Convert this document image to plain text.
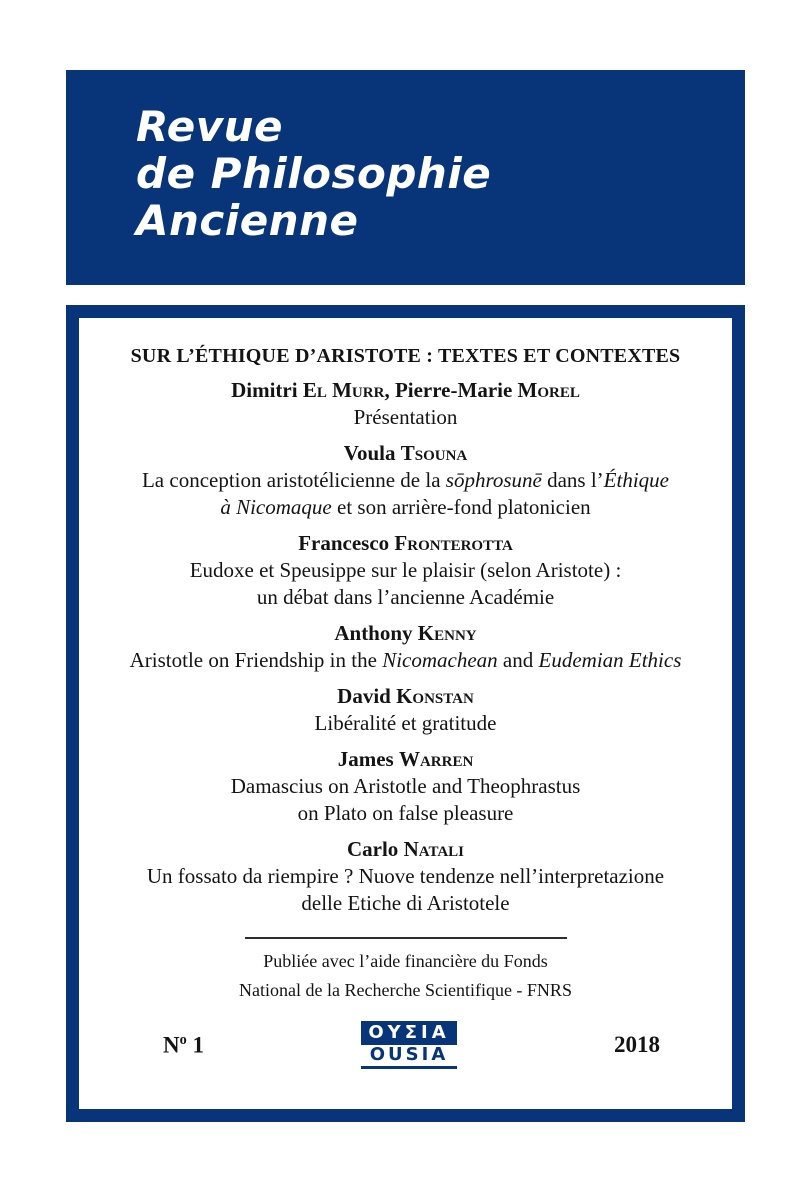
Revue
de Philosophie
Ancienne
SUR L’ÉTHIQUE D’ARISTOTE : TEXTES ET CONTEXTES
Dimitri El Murr, Pierre-Marie Morel
Présentation
Voula Tsouna
La conception aristotélicienne de la sōphrosunē dans l’Éthique
à Nicomaque et son arrière-fond platonicien
Francesco Fronterotta
Eudoxe et Speusippe sur le plaisir (selon Aristote) :
un débat dans l’ancienne Académie
Anthony Kenny
Aristotle on Friendship in the Nicomachean and Eudemian Ethics
David Konstan
Libéralité et gratitude
James Warren
Damascius on Aristotle and Theophrastus
on Plato on false pleasure
Carlo Natali
Un fossato da riempire ? Nuove tendenze nell’interpretazione
delle Etiche di Aristotele
Publiée avec l’aide financière du Fonds
National de la Recherche Scientifique - FNRS
$N^o$ 1	ΟΥΣΙΑ
OUSIA	2018
